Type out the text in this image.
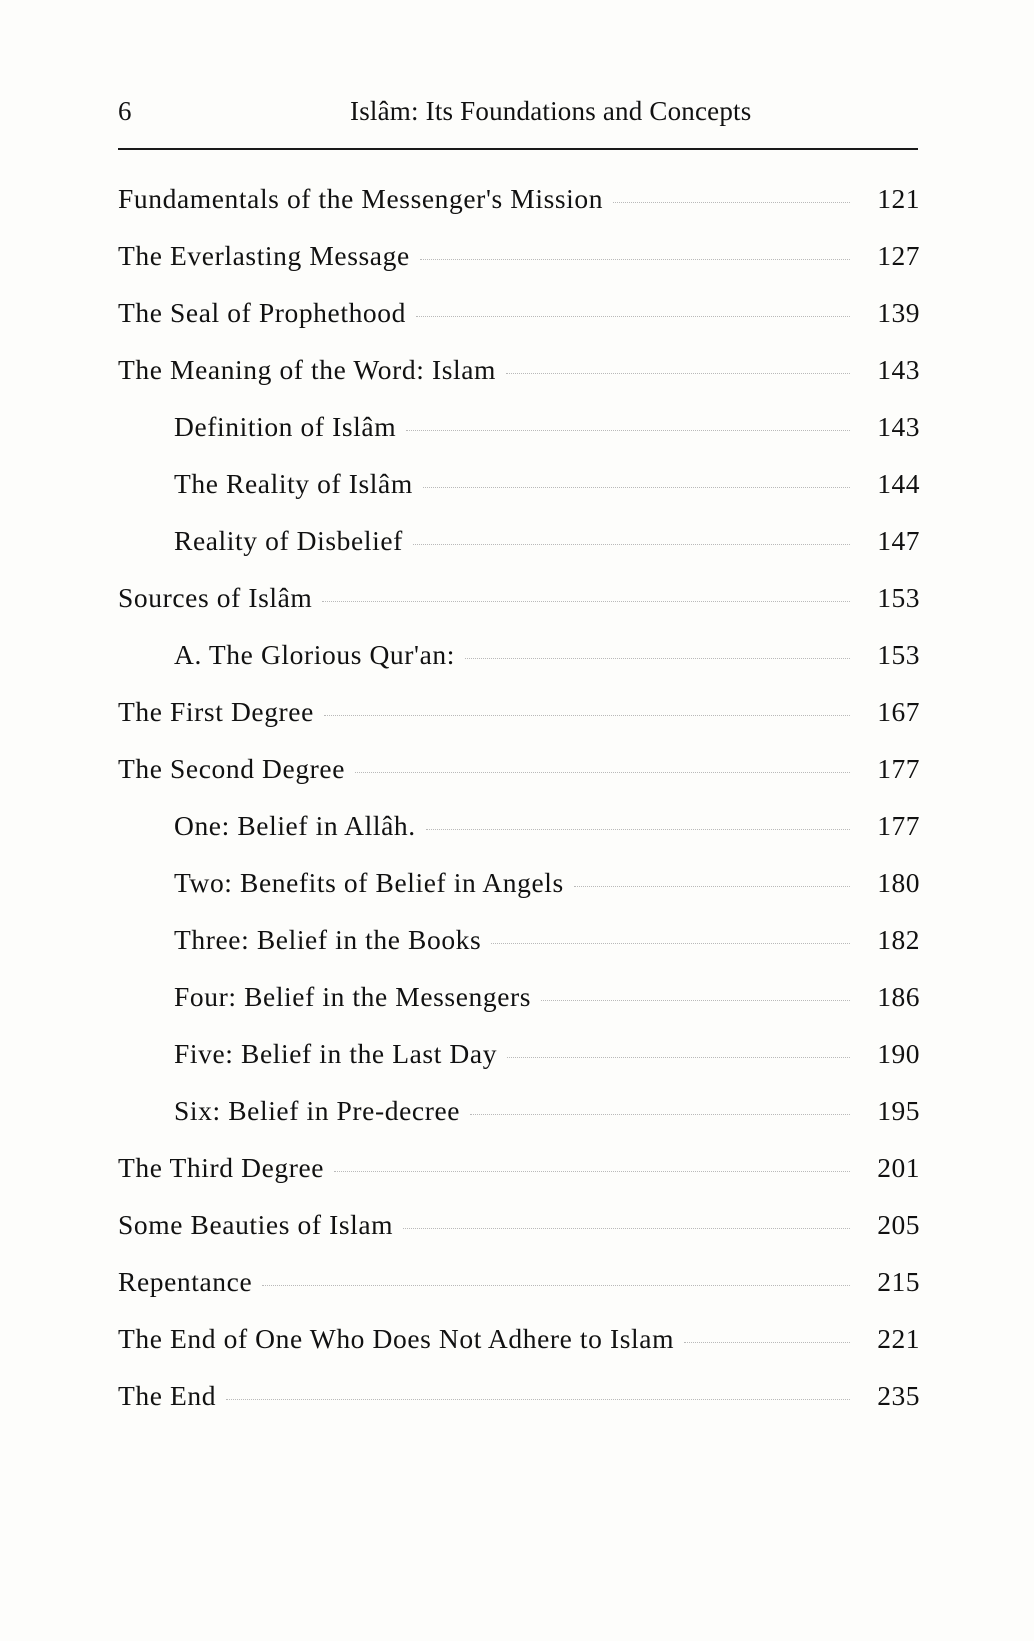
6	Islâm: Its Foundations and Concepts
Fundamentals of the Messenger's Mission	121
The Everlasting Message	127
The Seal of Prophethood	139
The Meaning of the Word: Islam	143
Definition of Islâm	143
The Reality of Islâm	144
Reality of Disbelief	147
Sources of Islâm	153
A. The Glorious Qur'an:	153
The First Degree	167
The Second Degree	177
One: Belief in Allâh.	177
Two: Benefits of Belief in Angels	180
Three: Belief in the Books	182
Four: Belief in the Messengers	186
Five: Belief in the Last Day	190
Six: Belief in Pre-decree	195
The Third Degree	201
Some Beauties of Islam	205
Repentance	215
The End of One Who Does Not Adhere to Islam	221
The End	235
